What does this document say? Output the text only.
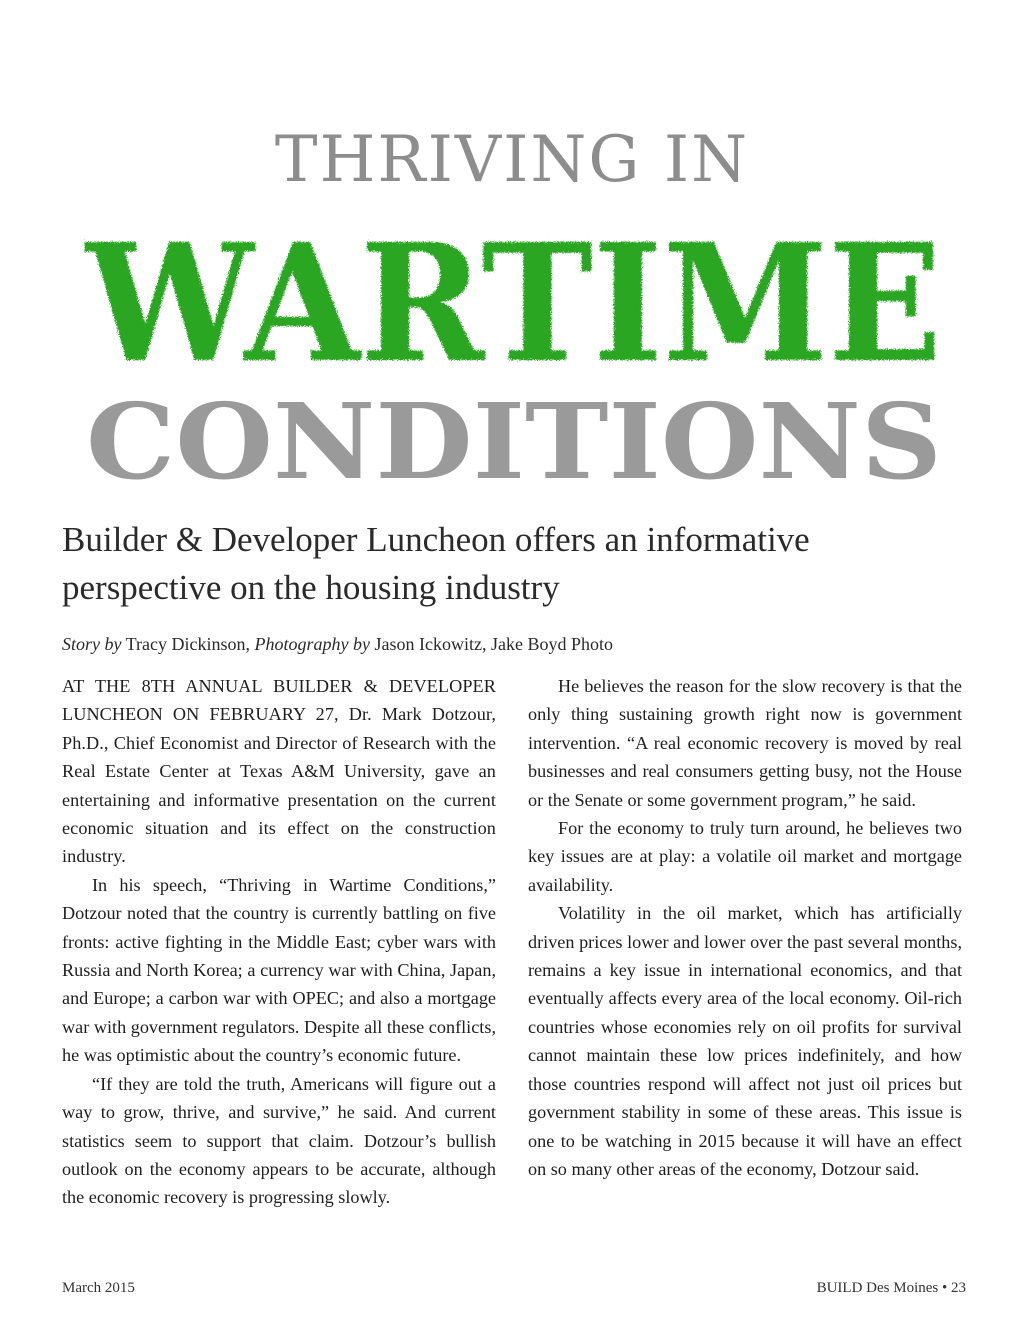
THRIVING IN
WARTIME
CONDITIONS
Builder & Developer Luncheon offers an informative perspective on the housing industry
Story by Tracy Dickinson, Photography by Jason Ickowitz, Jake Boyd Photo

AT THE 8TH ANNUAL BUILDER & DEVELOPER LUNCHEON ON FEBRUARY 27, Dr. Mark Dotzour, Ph.D., Chief Economist and Director of Research with the Real Estate Center at Texas A&M University, gave an entertaining and informative presentation on the current economic situation and its effect on the construction industry.

In his speech, “Thriving in Wartime Conditions,” Dotzour noted that the country is currently battling on five fronts: active fighting in the Middle East; cyber wars with Russia and North Korea; a currency war with China, Japan, and Europe; a carbon war with OPEC; and also a mortgage war with government regulators. Despite all these conflicts, he was optimistic about the country’s economic future.

“If they are told the truth, Americans will figure out a way to grow, thrive, and survive,” he said. And current statistics seem to support that claim. Dotzour’s bullish outlook on the economy appears to be accurate, although the economic recovery is progressing slowly.

He believes the reason for the slow recovery is that the only thing sustaining growth right now is government intervention. “A real economic recovery is moved by real businesses and real consumers getting busy, not the House or the Senate or some government program,” he said.

For the economy to truly turn around, he believes two key issues are at play: a volatile oil market and mortgage availability.

Volatility in the oil market, which has artificially driven prices lower and lower over the past several months, remains a key issue in international economics, and that eventually affects every area of the local economy. Oil-rich countries whose economies rely on oil profits for survival cannot maintain these low prices indefinitely, and how those countries respond will affect not just oil prices but government stability in some of these areas. This issue is one to be watching in 2015 because it will have an effect on so many other areas of the economy, Dotzour said.

March 2015	BUILD Des Moines • 23
